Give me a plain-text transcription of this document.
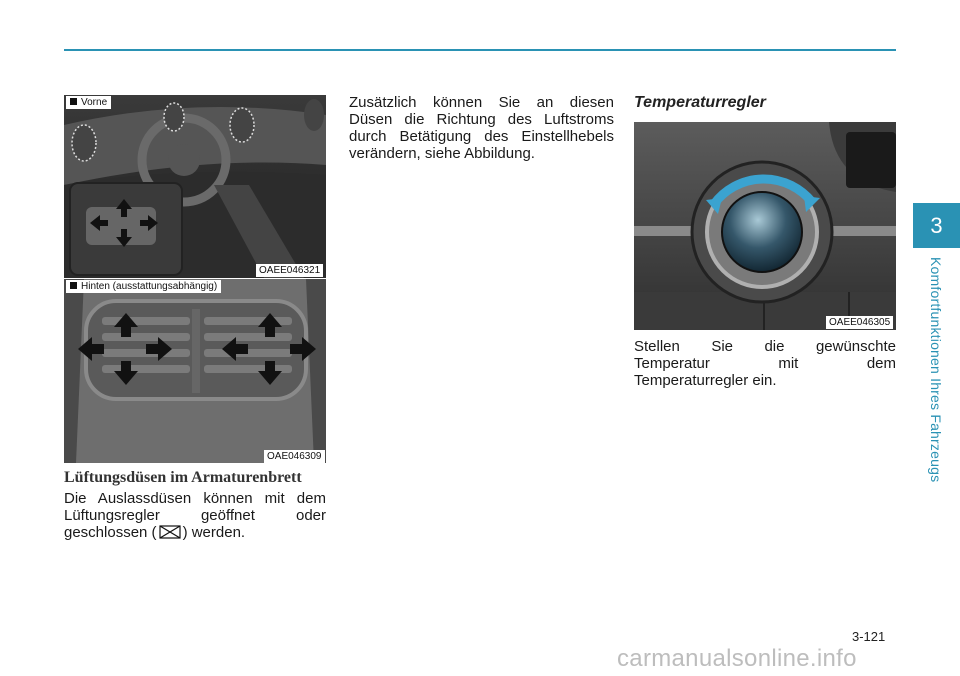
Vorne
OAEE046321
Hinten (ausstattungsabhängig)
OAE046309
Lüftungsdüsen im Armaturenbrett
Die Auslassdüsen können mit dem
Lüftungsregler geöffnet oder
geschlossen ( ) werden.
Zusätzlich können Sie an diesen
Düsen die Richtung des Luftstroms
durch Betätigung des Einstellhebels
verändern, siehe Abbildung.
Temperaturregler
OAEE046305
Stellen Sie die gewünschte
Temperatur mit dem
Temperaturregler ein.
3
Komfortfunktionen Ihres Fahrzeugs
3-121
carmanualsonline.info
